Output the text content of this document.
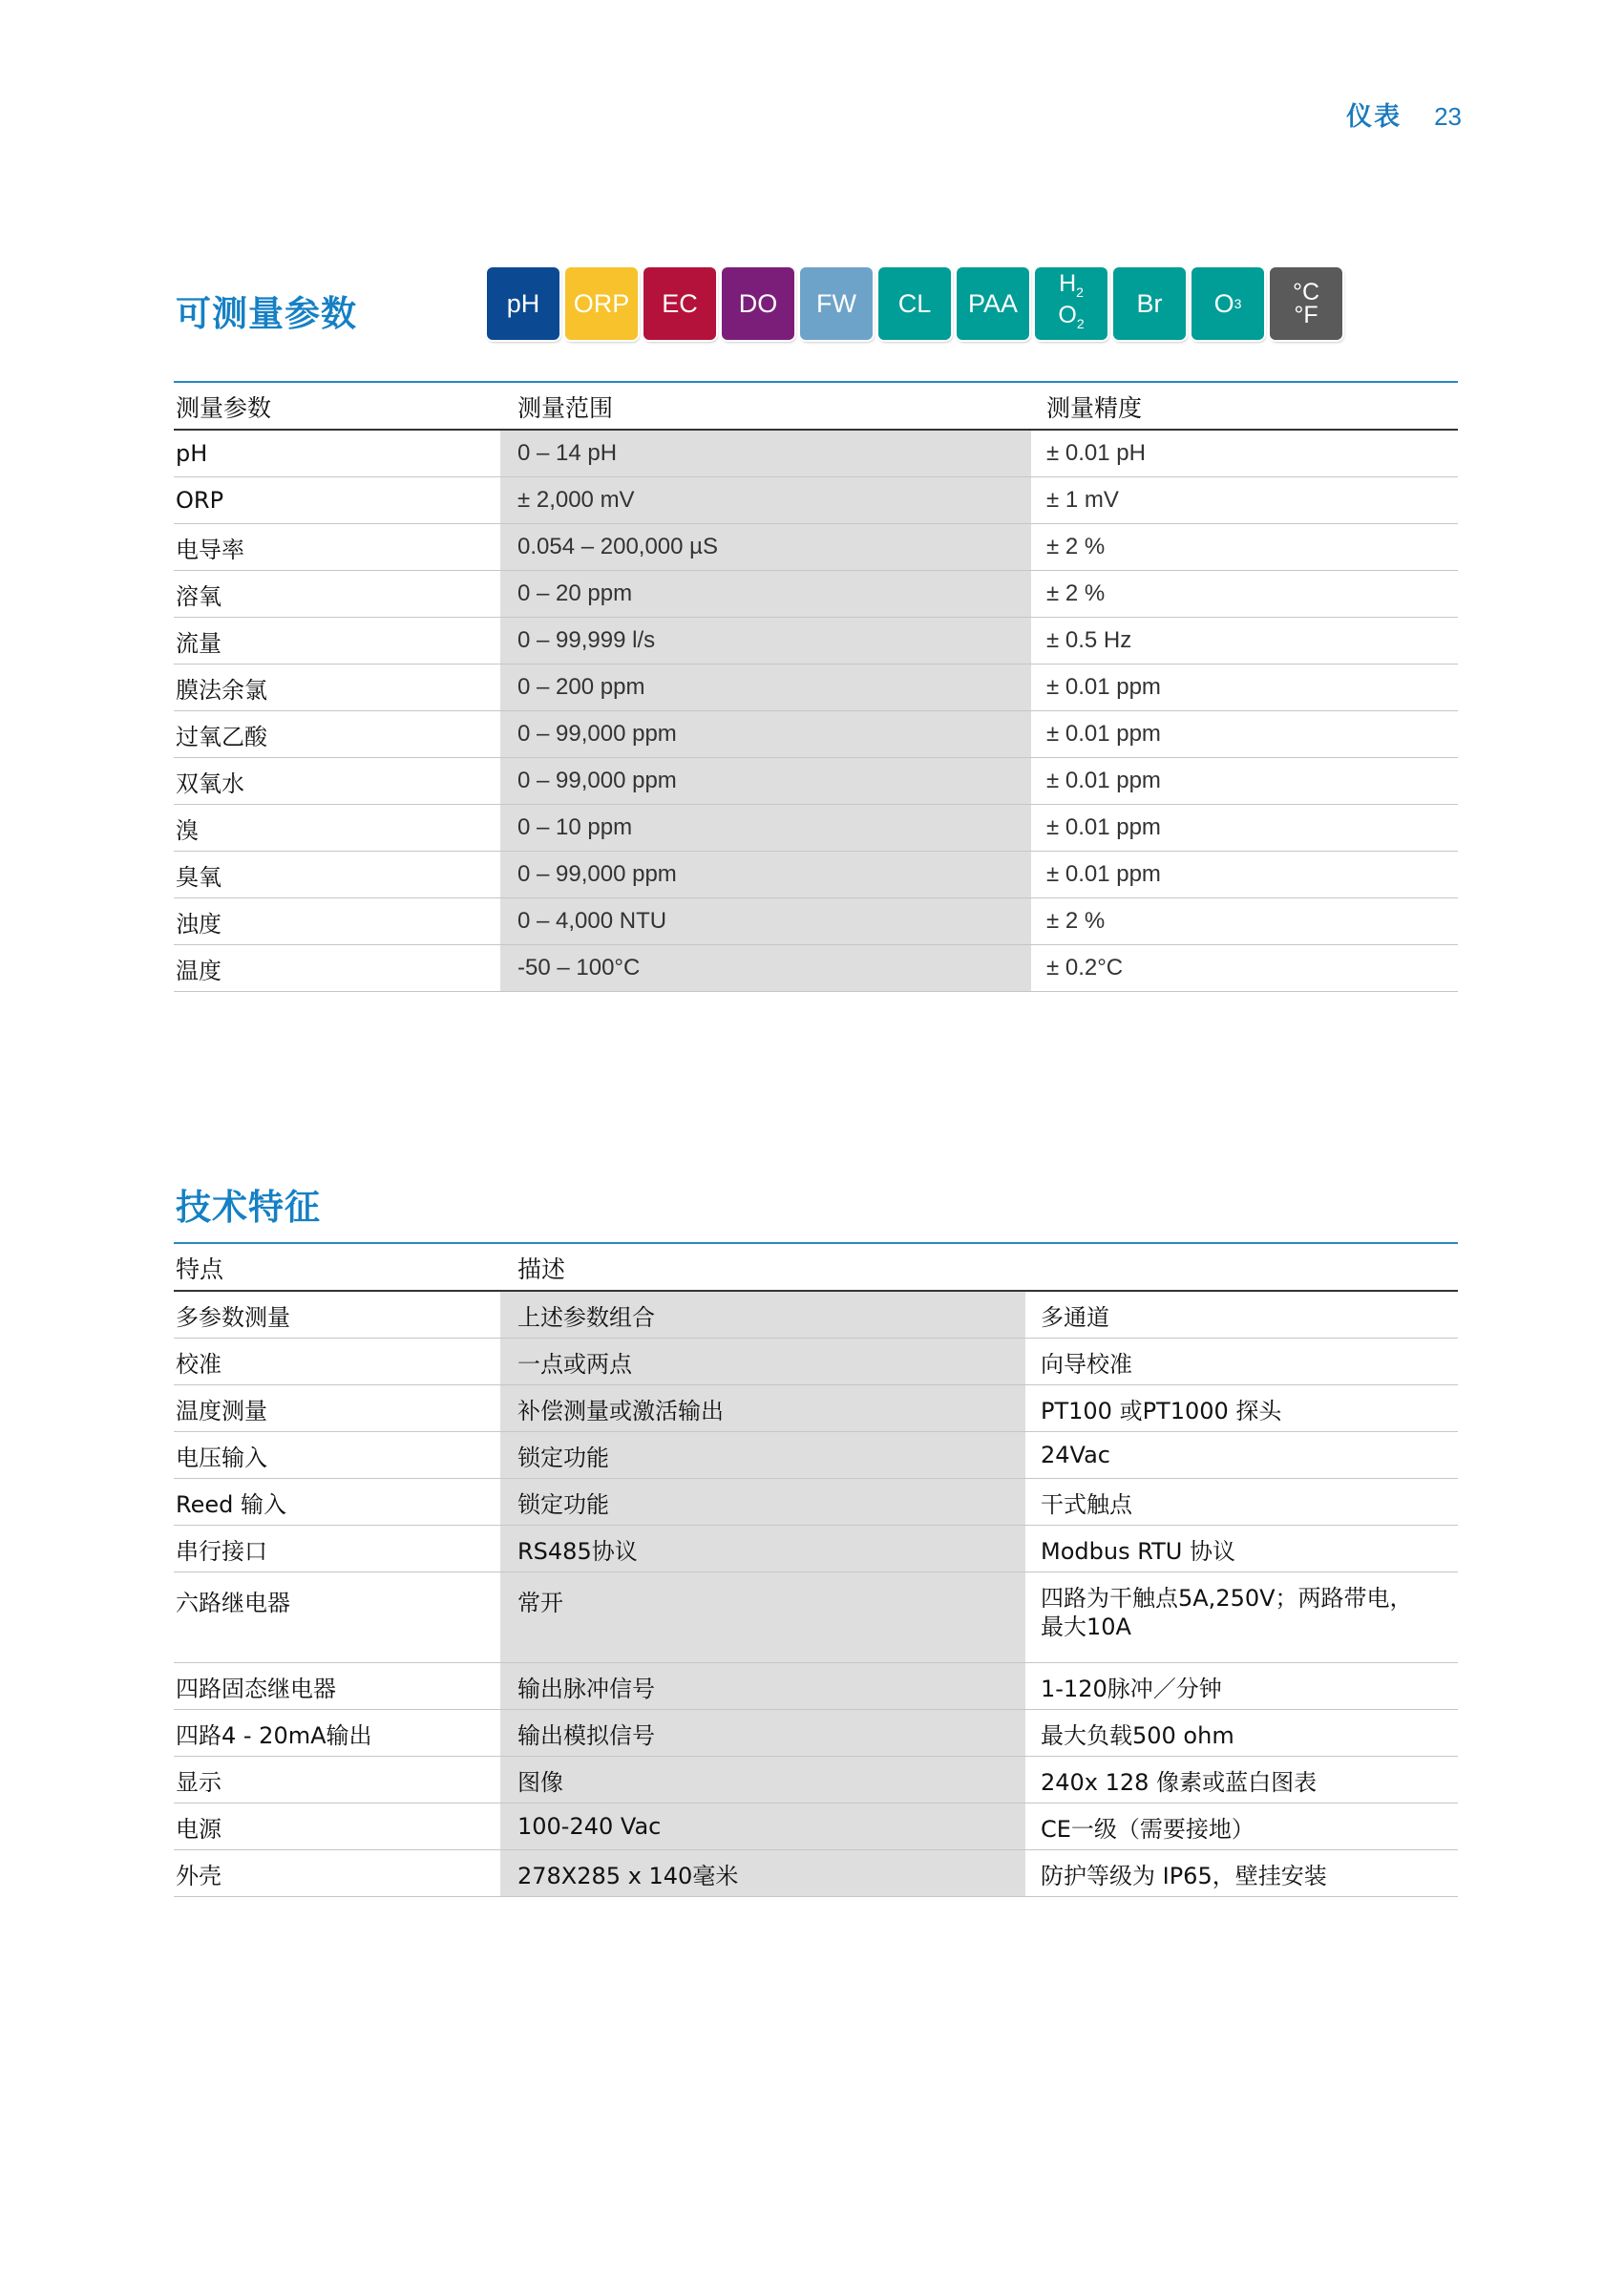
仪表 23
可测量参数	pH ORP EC DO FW CL PAA
$H_2$
$O_2$
Br O 3 °C
°F
测量参数	测量范围	测量精度
pH	0 – 14 pH	± 0.01 pH
ORP	± 2,000 mV	± 1 mV
电导率	0.054 – 200,000 µS	± 2 %
溶氧	0 – 20 ppm	± 2 %
流量	0 – 99,999 l/s	± 0.5 Hz
膜法余氯	0 – 200 ppm	± 0.01 ppm
过氧乙酸	0 – 99,000 ppm	± 0.01 ppm
双氧水	0 – 99,000 ppm	± 0.01 ppm
溴	0 – 10 ppm	± 0.01 ppm
臭氧	0 – 99,000 ppm	± 0.01 ppm
浊度	0 – 4,000 NTU	± 2 %
温度	-50 – 100°C	± 0.2°C
技术特征
特点	描述	
多参数测量	上述参数组合	多通道
校准	一点或两点	向导校准
温度测量	补偿测量或激活输出	PT100 或PT1000 探头
电压输入	锁定功能	24Vac
Reed 输入	锁定功能	干式触点
串行接口	RS485协议	Modbus RTU 协议
六路继电器	常开	四路为干触点5A,250V；两路带电，
最大10A
四路固态继电器	输出脉冲信号	1-120脉冲／分钟
四路4 - 20mA输出	输出模拟信号	最大负载500 ohm
显示	图像	240x 128 像素或蓝白图表
电源	100-240 Vac	CE一级（需要接地）
外壳	278X285 x 140毫米	防护等级为 IP65，壁挂安装
